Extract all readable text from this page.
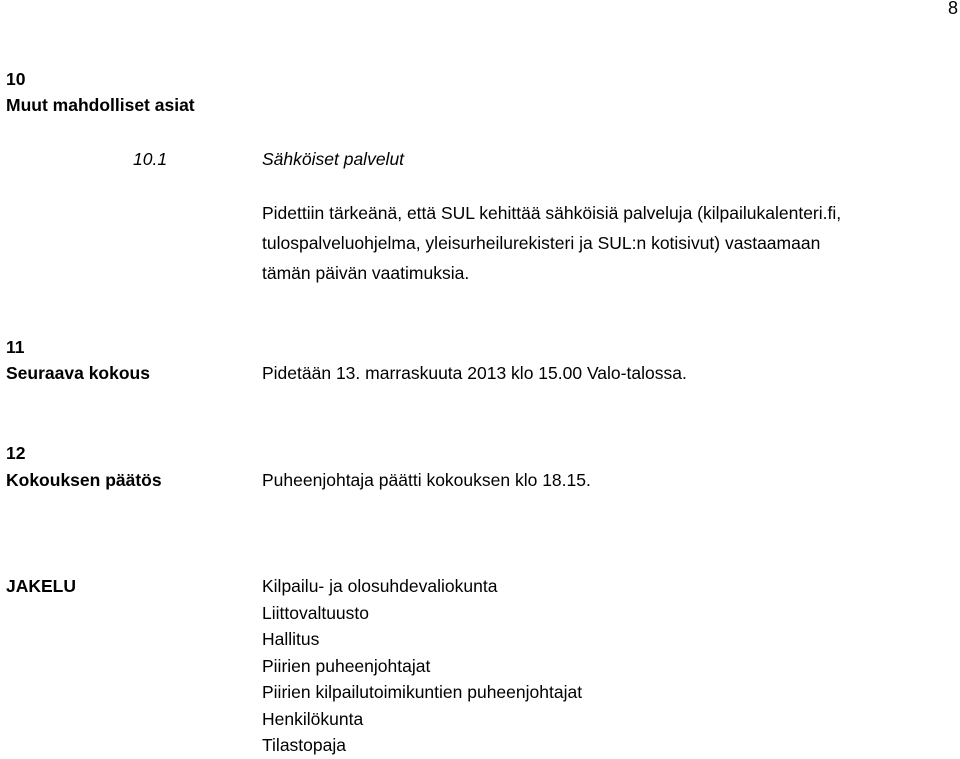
8
10
Muut mahdolliset asiat
10.1	Sähköiset palvelut
Pidettiin tärkeänä, että SUL kehittää sähköisiä palveluja (kilpailukalenteri.fi,
tulospalveluohjelma, yleisurheilurekisteri ja SUL:n kotisivut) vastaamaan
tämän päivän vaatimuksia.
11
Seuraava kokous	Pidetään 13. marraskuuta 2013 klo 15.00 Valo-talossa.
12
Kokouksen päätös	Puheenjohtaja päätti kokouksen klo 18.15.
JAKELU	Kilpailu- ja olosuhdevaliokunta
Liittovaltuusto
Hallitus
Piirien puheenjohtajat
Piirien kilpailutoimikuntien puheenjohtajat
Henkilökunta
Tilastopaja
